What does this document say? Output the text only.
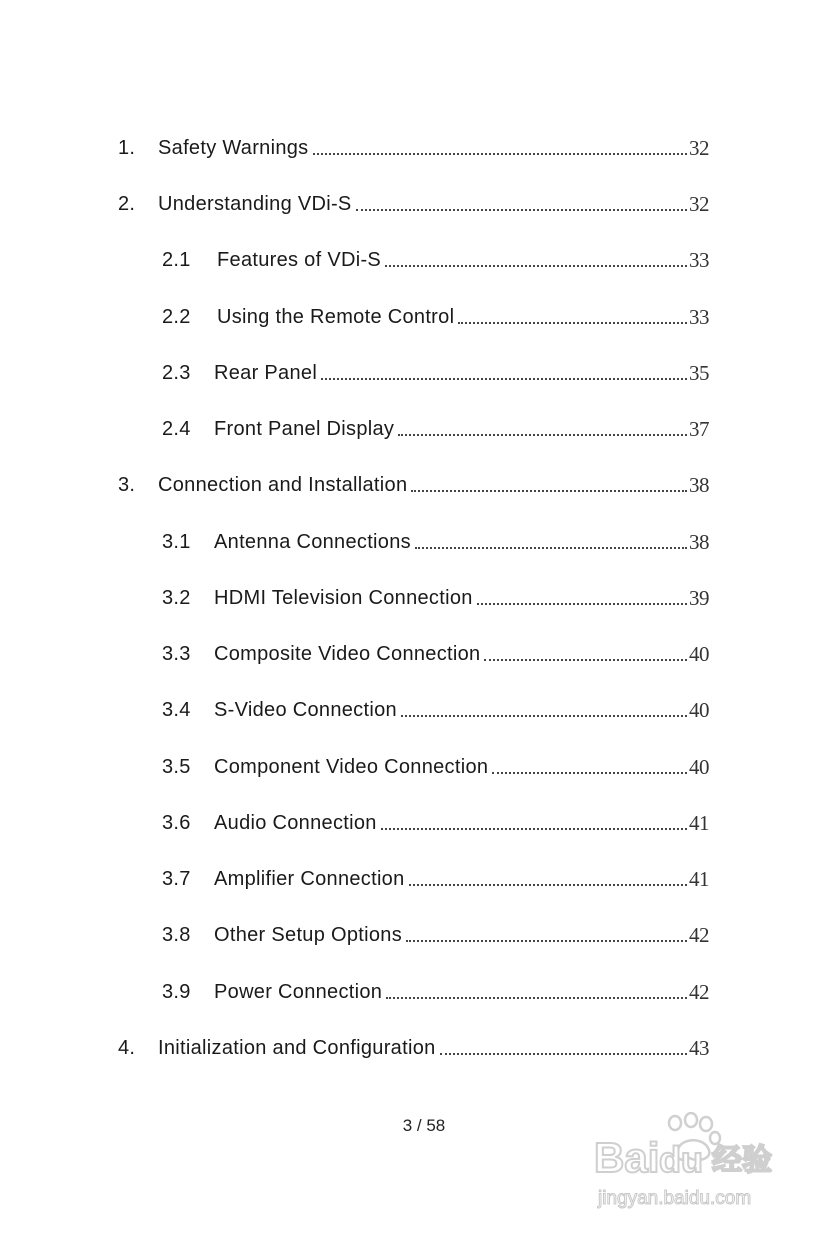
1.	Safety Warnings	32
2.	Understanding VDi-S	32
2.1	Features of VDi-S	33
2.2	Using the Remote Control	33
2.3	Rear Panel	35
2.4	Front Panel Display	37
3.	Connection and Installation	38
3.1	Antenna Connections	38
3.2	HDMI Television Connection	39
3.3	Composite Video Connection	40
3.4	S-Video Connection	40
3.5	Component Video Connection	40
3.6	Audio Connection	41
3.7	Amplifier Connection	41
3.8	Other Setup Options	42
3.9	Power Connection	42
4.	Initialization and Configuration	43
3 / 58
Bai du 经验
jingyan.baidu.com
